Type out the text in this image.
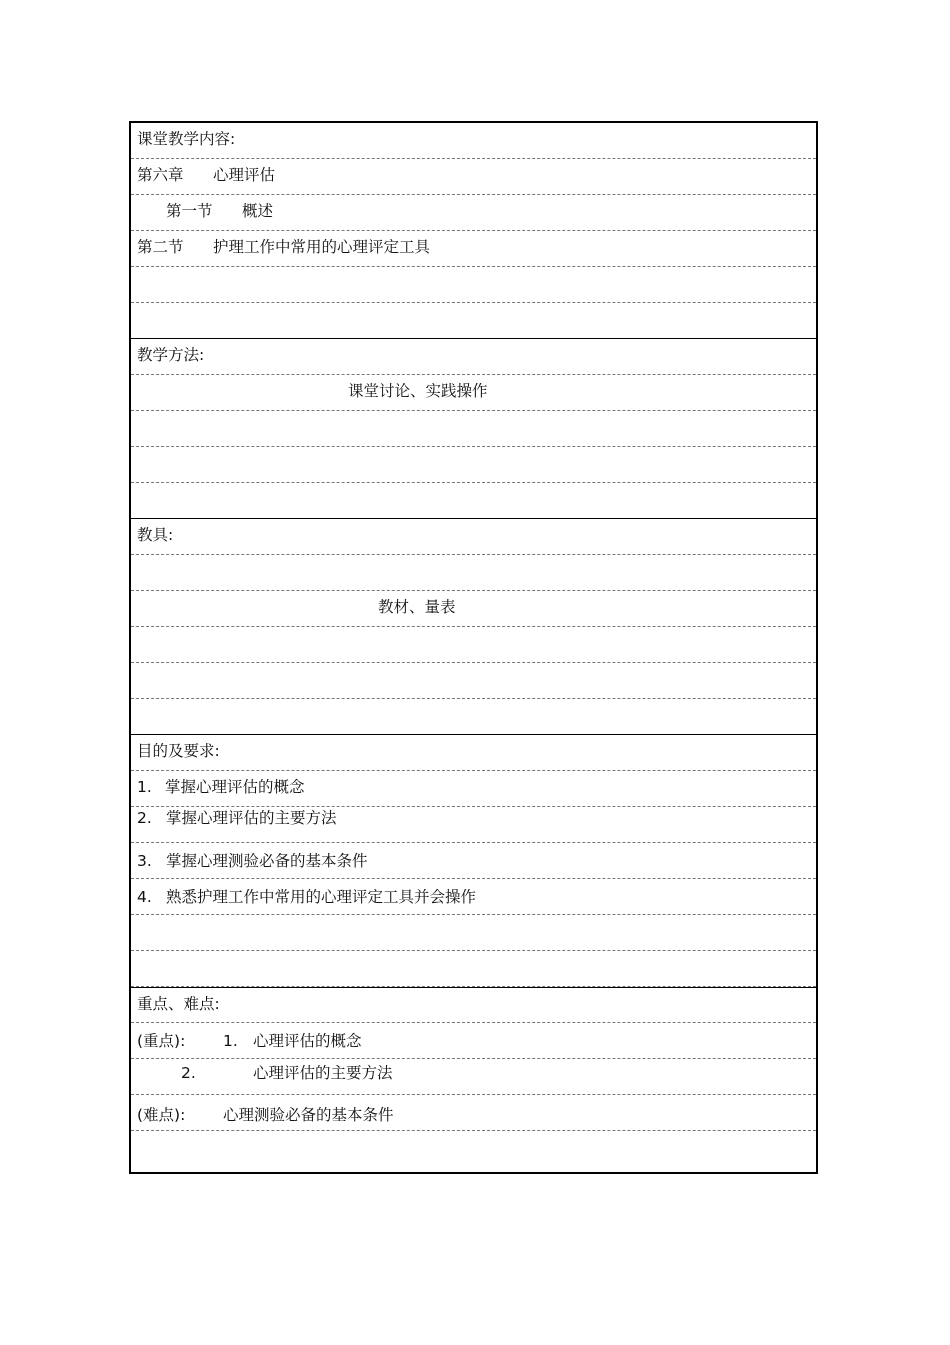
课堂教学内容:
第六章 心理评估
第一节 概述
第二节 护理工作中常用的心理评定工具
教学方法:
课堂讨论、实践操作
教具:
教材、量表
目的及要求:
1. 掌握心理评估的概念
2. 掌握心理评估的主要方法
3. 掌握心理测验必备的基本条件
4. 熟悉护理工作中常用的心理评定工具并会操作
重点、难点:
(重点): 1. 心理评估的概念
2.	心理评估的主要方法
(难点): 心理测验必备的基本条件
